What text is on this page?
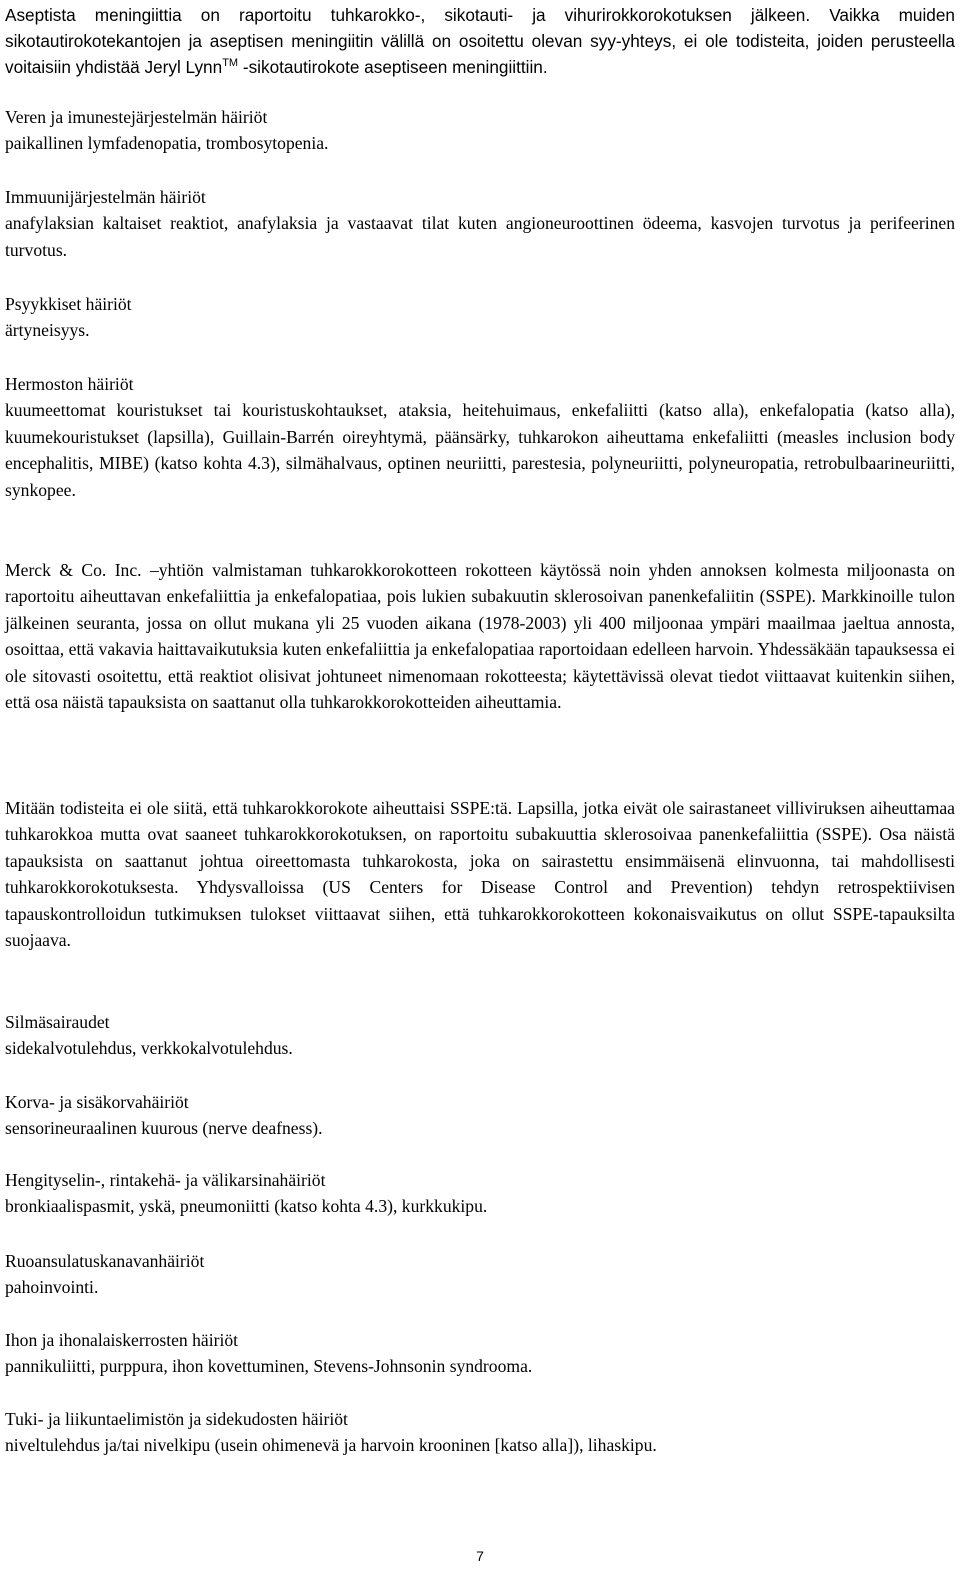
Aseptista meningiittia on raportoitu tuhkarokko-, sikotauti- ja vihurirokkorokotuksen jälkeen. Vaikka muiden sikotautirokotekantojen ja aseptisen meningiitin välillä on osoitettu olevan syy-yhteys, ei ole todisteita, joiden perusteella voitaisiin yhdistää Jeryl Lynn™ -sikotautirokote aseptiseen meningiittiin.

Veren ja imunestejärjestelmän häiriöt

paikallinen lymfadenopatia, trombosytopenia.

Immuunijärjestelmän häiriöt

anafylaksian kaltaiset reaktiot, anafylaksia ja vastaavat tilat kuten angioneuroottinen ödeema, kasvojen turvotus ja perifeerinen turvotus.

Psyykkiset häiriöt

ärtyneisyys.

Hermoston häiriöt

kuumeettomat kouristukset tai kouristuskohtaukset, ataksia, heitehuimaus, enkefaliitti (katso alla), enkefalopatia (katso alla), kuumekouristukset (lapsilla), Guillain-Barrén oireyhtymä, päänsärky, tuhkarokon aiheuttama enkefaliitti (measles inclusion body encephalitis, MIBE) (katso kohta 4.3), silmähalvaus, optinen neuriitti, parestesia, polyneuriitti, polyneuropatia, retrobulbaarineuriitti, synkopee.

Merck & Co. Inc. –yhtiön valmistaman tuhkarokkorokotteen rokotteen käytössä noin yhden annoksen kolmesta miljoonasta on raportoitu aiheuttavan enkefaliittia ja enkefalopatiaa, pois lukien subakuutin sklerosoivan panenkefaliitin (SSPE). Markkinoille tulon jälkeinen seuranta, jossa on ollut mukana yli 25 vuoden aikana (1978-2003) yli 400 miljoonaa ympäri maailmaa jaeltua annosta, osoittaa, että vakavia haittavaikutuksia kuten enkefaliittia ja enkefalopatiaa raportoidaan edelleen harvoin. Yhdessäkään tapauksessa ei ole sitovasti osoitettu, että reaktiot olisivat johtuneet nimenomaan rokotteesta; käytettävissä olevat tiedot viittaavat kuitenkin siihen, että osa näistä tapauksista on saattanut olla tuhkarokkorokotteiden aiheuttamia.

Mitään todisteita ei ole siitä, että tuhkarokkorokote aiheuttaisi SSPE:tä. Lapsilla, jotka eivät ole sairastaneet villiviruksen aiheuttamaa tuhkarokkoa mutta ovat saaneet tuhkarokkorokotuksen, on raportoitu subakuuttia sklerosoivaa panenkefaliittia (SSPE). Osa näistä tapauksista on saattanut johtua oireettomasta tuhkarokosta, joka on sairastettu ensimmäisenä elinvuonna, tai mahdollisesti tuhkarokkorokotuksesta. Yhdysvalloissa (US Centers for Disease Control and Prevention) tehdyn retrospektiivisen tapauskontrolloidun tutkimuksen tulokset viittaavat siihen, että tuhkarokkorokotteen kokonaisvaikutus on ollut SSPE-tapauksilta suojaava.

Silmäsairaudet

sidekalvotulehdus, verkkokalvotulehdus.

Korva- ja sisäkorvahäiriöt

sensorineuraalinen kuurous (nerve deafness).

Hengityselin-, rintakehä- ja välikarsinahäiriöt

bronkiaalispasmit, yskä, pneumoniitti (katso kohta 4.3), kurkkukipu.

Ruoansulatuskanavanhäiriöt

pahoinvointi.

Ihon ja ihonalaiskerrosten häiriöt

pannikuliitti, purppura, ihon kovettuminen, Stevens-Johnsonin syndrooma.

Tuki- ja liikuntaelimistön ja sidekudosten häiriöt

niveltulehdus ja/tai nivelkipu (usein ohimenevä ja harvoin krooninen [katso alla]), lihaskipu.

7
